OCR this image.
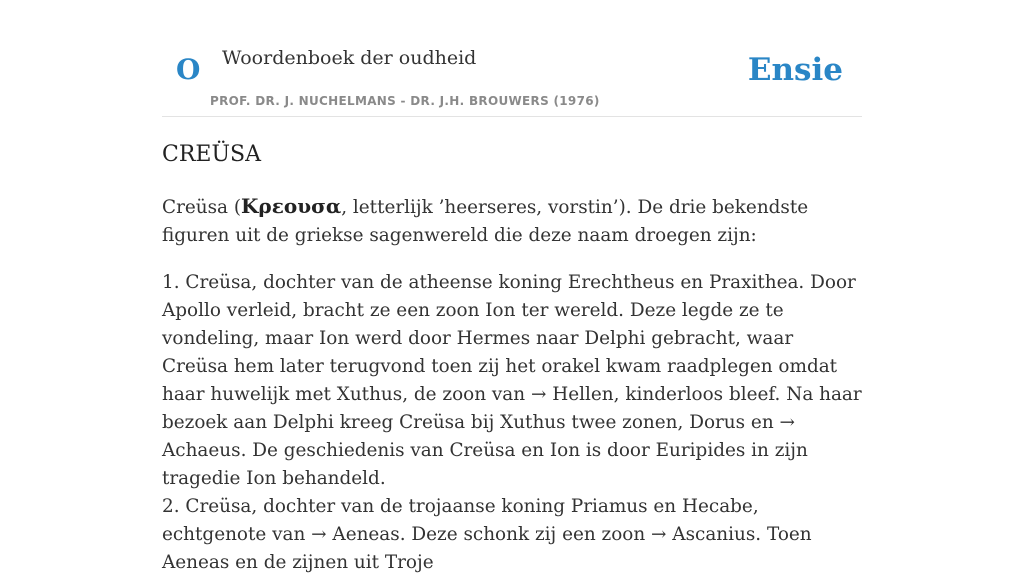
O Woordenboek der oudheid
PROF. DR. J. NUCHELMANS - DR. J.H. BROUWERS (1976)
Ensie
CREÜSA

Creüsa (Κρεουσα, letterlijk ’heerseres, vorstin’). De drie bekendste figuren uit de griekse sagenwereld die deze naam droegen zijn:

1. Creüsa, dochter van de atheense koning Erechtheus en Praxithea. Door Apollo verleid, bracht ze een zoon Ion ter wereld. Deze legde ze te vondeling, maar Ion werd door Hermes naar Delphi gebracht, waar Creüsa hem later terugvond toen zij het orakel kwam raadplegen omdat haar huwelijk met Xuthus, de zoon van → Hellen, kinderloos bleef. Na haar bezoek aan Delphi kreeg Creüsa bij Xuthus twee zonen, Dorus en → Achaeus. De geschiedenis van Creüsa en Ion is door Euripides in zijn tragedie Ion behandeld.

2. Creüsa, dochter van de trojaanse koning Priamus en Hecabe, echtgenote van → Aeneas. Deze schonk zij een zoon → Ascanius. Toen Aeneas en de zijnen uit Troje
